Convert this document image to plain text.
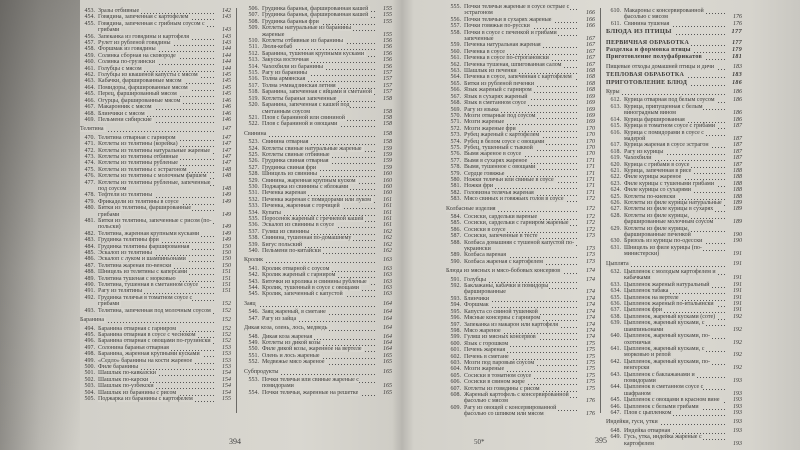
453. Зразы отбивные	142
454. Говядина, запеченная с картофелем	143
455. Говядина, запеченная с грибным соусом с грибами	143
456. Запеканка из говядины и картофеля	143
457. Рулет из рубленой говядины	143
458. Форшмак из говядины	144
459. Солянка сборная на сковороде	144
460. Солянка по-грузински	144
461. Голубцы с мясом	144
462. Голубцы из квашеной капусты с мясом	145
463. Кабачки, фаршированные мясом	145
464. Помидоры, фаршированные мясом	145
465. Перец, фаршированный мясом	145
466. Огурцы, фаршированные мясом	146
467. Макаронник с мясом	146
468. Блинчики с мясом	146
469. Пельмени сибирские	146
Телятина	147
470. Телятина отварная с гарниром	147
471. Котлеты из телятины (корейка)	147
472. Котлеты из телятины натуральные жареные	147
473. Котлеты из телятины отбивные	147
474. Котлеты из телятины рубленые	147
475. Котлеты из телятины с эстрагоном	148
476. Котлеты из телятины с молочным фаршем	148
477. Котлеты из телятины рубленые, запеченные под соусом	148
478. Тефтели из телятины	149
479. Фрикадели из телятины в соусе	149
480. Битки из телятины, фаршированные грибами	149
481. Битки из телятины, запеченные с рисом (по-польски)	149
482. Телятина, жаренная крупными кусками	149
483. Грудинка телятины фри	149
484. Грудинка телятины фаршированная	150
485. Эскалоп из телятины	150
486. Эскалоп с луком и шампиньонами	150
487. Телятина жареная по-венски	150
488. Шницель из телятины с каперсами	151
489. Телятина тушеная с морковью	151
490. Телятина, тушенная в сметанном соусе	151
491. Рагу из телятины	151
492. Грудинка телячья в томатном соусе с грибами	152
493. Телятина, запеченная под молочным соусом	152
Баранина	152
494. Баранина отварная с гарниром	152
495. Баранина отварная в соусе с чесноком	152
496. Баранина отварная с овощами по-грузински	152
497. Солонина баранья отварная	153
498. Баранина, жаренная крупными кусками	153
499. «Седло» баранины на кости жареное	153
500. Филе баранины	153
501. Шашлык по-кавказски	154
502. Шашлык по-карски	154
503. Шашлык по-узбекски	154
504. Шашлык из баранины с рисом	154
505. Поджарка из баранины с картофелем	155
506. Грудинка баранья, фаршированная кашей	155
507. Грудинка баранья, фаршированная кашей	155
508. Грудинка баранья фри	155
509. Котлеты натуральные из баранины жареные	155
510. Котлеты отбивные из баранины	156
511. Люля-кебаб	156
512. Баранина, тушенная крупными кусками	156
513. Закуска восточная	156
514. Чахохбили из баранины	156
515. Рагу из баранины	157
516. Толма армянская	157
517. Толма эчмиадзинская летняя	157
518. Баранина, запеченная с яйцами и сметаной	157
519. Котлеты бараньи запеченные	158
520. Баранина, запеченная с кашей под сметанным соусом	158
521. Плов с бараниной или свининой	158
522. Плов с бараниной и овощами	158
Свинина	158
523. Свинина отварная	158
524. Котлеты свиные натуральные жареные	159
525. Котлеты свиные отбивные	159
526. Грудинка свиная отварная	159
527. Грудинка свиная фри	159
528. Шницель из свинины	160
529. Свинина, жаренная крупным куском	160
530. Поджарка из свинины с яблоками	160
531. Печенка жареная	160
532. Печенка жареная с помидорами или луком	161
533. Печенка, жаренная с горчицей	161
534. Купаты	161
535. Поросенок жареный с гречневой кашей	161
536. Эскалоп из свинины в соусе	161
537. Гуляш из свинины	162
538. Свинина, тушенная по-домашнему	162
539. Бигус польский	162
540. Пельмени по-китайски	162
Кролик	163
541. Кролик отварной с соусом	163
542. Кролик жареный с гарниром	163
543. Биточки из кролика и свинины рубленые	163
544. Кролик, тушенный в соусе с овощами	163
545. Кролик, запеченный с капустой	163
Заяц	164
546. Заяц жареный, в сметане	164
547. Рагу из зайца	164
Дикая коза, олень, лось, медведь	164
548. Дикая коза жареная	164
549. Котлеты из дикой козы	164
550. Филе дикой козы, жаренное на вертеле	164
551. Олень и лось жареные	165
552. Медвежье мясо жареное	165
Субпродукты	165
553. Почки телячьи или свиные жареные с помидорами	165
554. Почки телячьи, жаренные на решетке	165
555. Почки телячьи жареные в соусе острые с эстрагоном	166
556. Почки телячьи в сухарях жареные	166
557. Почки говяжьи по-русски	166
558. Почки в соусе с печенкой и грибами запеченные	167
559. Печенка натуральная жареная	167
560. Печенка в соусе	167
561. Печенка в соусе по-строгановски	167
562. Печенка тушеная, шпигованная салом	167
563. Шашлык из печенки	168
564. Печенка в соусе, запеченная с картофелем	168
565. Битки из рубленой печенки	168
566. Язык жареный с гарниром	168
567. Язык в сухарях жареный	169
568. Язык в сметанном соусе	169
569. Рагу из языка	169
570. Мозги отварные под соусом	169
571. Мозги жареные	169
572. Мозги жареные фри	170
573. Рубец жареный с картофелем	170
574. Рубец в белом соусе с овощами	170
575. Рубец, тушенный с тыквой	170
576. Вымя жареное в соусе	170
577. Вымя в сухарях жареное	171
578. Вымя, тушенное с овощами	171
579. Сердце говяжье	171
580. Ножки телячьи или свиные в соусе	171
581. Ножки фри	171
582. Головизна телячья жареная	171
583. Мясо свиных и говяжьих голов в соусе	172
Колбасные изделия	172
584. Сосиски, сардельки вареные	172
585. Сосиски, сардельки с гарниром жареные	172
586. Сосиски в соусе	172
587. Сосиски, запеченные в тесте	173
588. Колбаса домашняя с тушеной капустой по-украински	173
589. Колбаса вареная	173
590. Колбаса жареная с картофелем	173
Блюда из мясных и мясо-бобовых консервов	174
591. Голубцы	174
592. Баклажаны, кабачки и помидоры фаршированные	174
593. Блинчики	174
594. Форшмак	174
595. Капуста со свиной тушенкой	174
596. Мясные консервы с гарниром	174
597. Запеканка из макарон или картофеля	174
598. Мясо жареное	174
599. Гуляш из мясных консервов	174
600. Язык с горошком	175
601. Печень жареная	175
602. Печень в сметане	175
603. Мозги под паровым соусом	175
604. Мозги жареные	175
605. Сосиски в томатном соусе	175
606. Сосиски в свином жире	175
607. Котлеты из говядины с рисом	175
608. Жареный картофель с консервированной фасолью с мясом	176
609. Рагу из овощей с консервированной фасолью со шпиком или мясом	176
610. Макароны с консервированной фасолью с мясом	176
611. Свинина тушеная	176
БЛЮДА ИЗ ПТИЦЫ	177
ПЕРВИЧНАЯ ОБРАБОТКА	177
Разделка и формовка птицы	179
Приготовление полуфабрикатов	181
Пищевые отходы домашней птицы и дичи	183
ТЕПЛОВАЯ ОБРАБОТКА	183
ПРИГОТОВЛЕНИЕ БЛЮД	186
Куры	186
612. Курица отварная под белым соусом	186
613. Курица, припущенная с белым виноградным вином	186
614. Курица фаршированная	186
615. Курица в томатном соусе с грибами	187
616. Курица с помидорами в соусе с мадерой	187
617. Курица жареная в соусе эстрагон	187
618. Рагу из курицы	187
619. Чахохбили	187
620. Курица с грибами в соусе	187
621. Курица, запеченная в рисе	188
622. Филе курицы жареное	188
623. Филе курицы с тушеными грибами	188
624. Филе курицы со сухарями	188
625. Котлеты по-киевски	188
626. Котлеты из филе курицы натуральные	189
627. Котлеты из филе курицы в сухарях	189
628. Котлеты из филе курицы, фаршированные молочным соусом	189
629. Котлеты из филе курицы, фаршированные печенкой	190
630. Бризоль из курицы по-одесски	190
631. Шницель из филе курицы (по-министерски)	191
Цыплята	191
632. Цыпленок с молодым картофелем и кабачками	191
633. Цыпленок жареный натуральный	191
634. Цыпленок табака	191
635. Цыпленок на вертеле	191
636. Цыпленок жареный по-итальянски	191
637. Цыпленок фри	191
638. Цыпленок, жареный кусками (соте)	192
639. Цыпленок, жареный кусками, с шампиньонами	192
640. Цыпленок, жареный кусками, по-охотничьи	192
641. Цыпленок, жареный кусками, с морковью и репой	192
642. Цыпленок, жареный кусками, по-венгерски	192
643. Цыпленок с баклажанами и помидорами	193
644. Цыпленок в сметанном соусе с шафраном	193
645. Цыпленок с овощами в красном вине	193
646. Цыпленок с белыми грибами	193
647. Плов с цыпленком	193
Индейки, гуси, утки	193
648. Индейка отварная	193
649. Гусь, утка, индейка жареные с картофелем	193
394	50*	395
